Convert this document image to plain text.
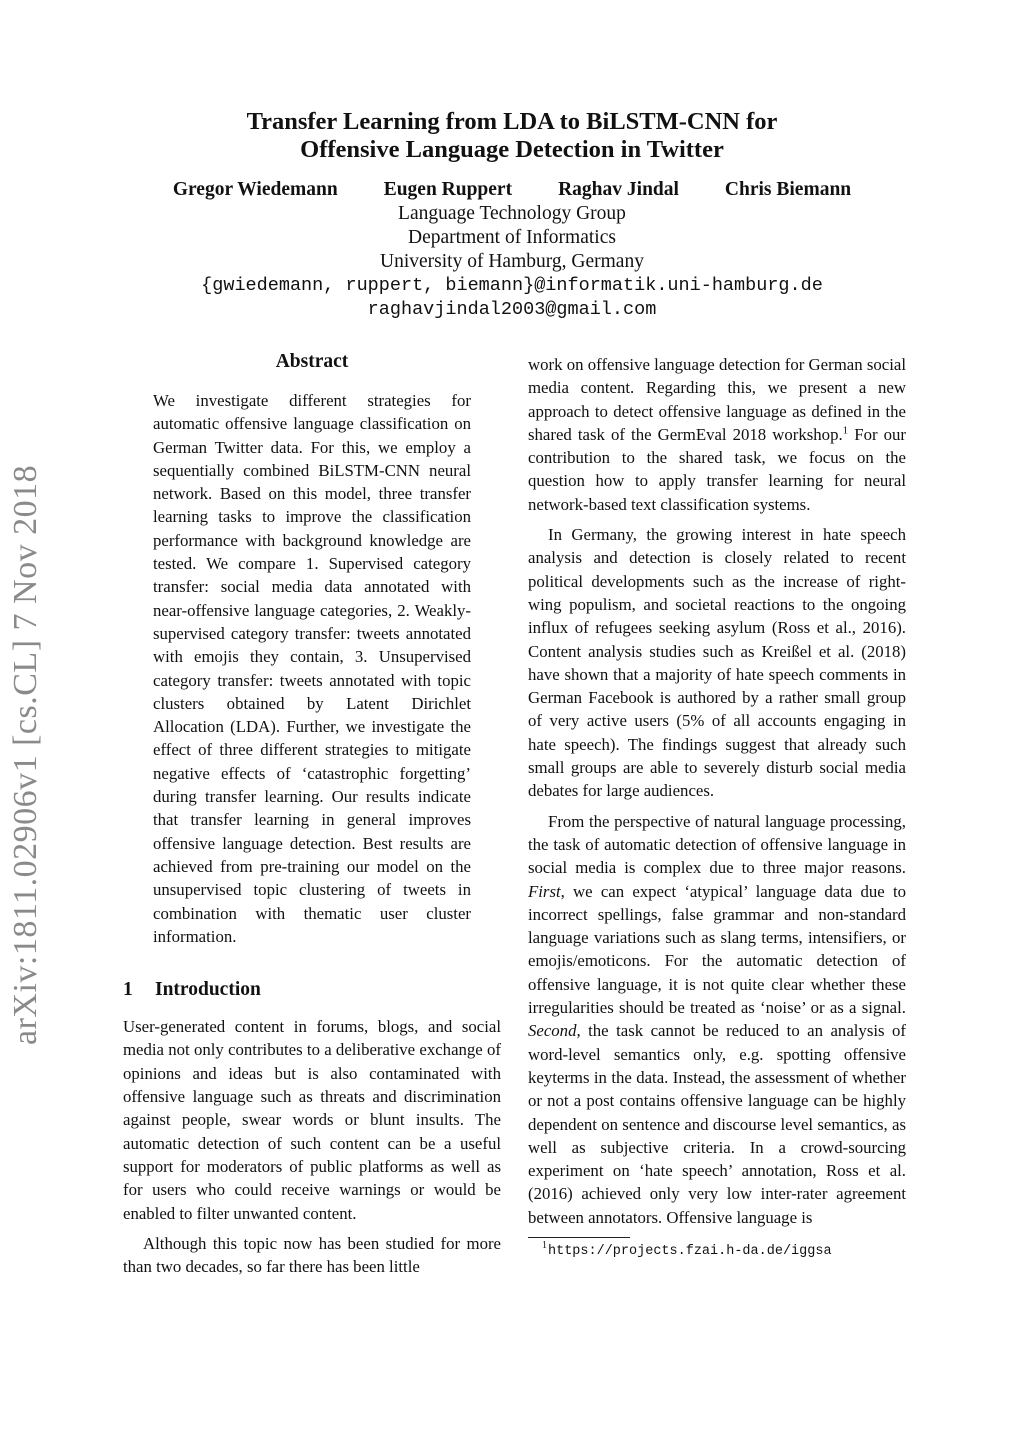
arXiv:1811.02906v1 [cs.CL] 7 Nov 2018
Transfer Learning from LDA to BiLSTM-CNN for
Offensive Language Detection in Twitter
Gregor Wiedemann Eugen Ruppert Raghav Jindal Chris Biemann
Language Technology Group
Department of Informatics
University of Hamburg, Germany
{gwiedemann, ruppert, biemann}@informatik.uni-hamburg.de
raghavjindal2003@gmail.com
Abstract
We investigate different strategies for automatic offensive language classification on German Twitter data. For this, we employ a sequentially combined BiLSTM-CNN neural network. Based on this model, three transfer learning tasks to improve the classification performance with background knowledge are tested. We compare 1. Supervised category transfer: social media data annotated with near-offensive language categories, 2. Weakly-supervised category transfer: tweets annotated with emojis they contain, 3. Unsupervised category transfer: tweets annotated with topic clusters obtained by Latent Dirichlet Allocation (LDA). Further, we investigate the effect of three different strategies to mitigate negative effects of ‘catastrophic forgetting’ during transfer learning. Our results indicate that transfer learning in general improves offensive language detection. Best results are achieved from pre-training our model on the unsupervised topic clustering of tweets in combination with thematic user cluster information.
1 Introduction

User-generated content in forums, blogs, and social media not only contributes to a deliberative exchange of opinions and ideas but is also contaminated with offensive language such as threats and discrimination against people, swear words or blunt insults. The automatic detection of such content can be a useful support for moderators of public platforms as well as for users who could receive warnings or would be enabled to filter unwanted content.

Although this topic now has been studied for more than two decades, so far there has been little

work on offensive language detection for German social media content. Regarding this, we present a new approach to detect offensive language as defined in the shared task of the GermEval 2018 workshop.$^1$ For our contribution to the shared task, we focus on the question how to apply transfer learning for neural network-based text classification systems.

In Germany, the growing interest in hate speech analysis and detection is closely related to recent political developments such as the increase of right-wing populism, and societal reactions to the ongoing influx of refugees seeking asylum (Ross et al., 2016). Content analysis studies such as Kreißel et al. (2018) have shown that a majority of hate speech comments in German Facebook is authored by a rather small group of very active users (5% of all accounts engaging in hate speech). The findings suggest that already such small groups are able to severely disturb social media debates for large audiences.

From the perspective of natural language processing, the task of automatic detection of offensive language in social media is complex due to three major reasons. First, we can expect ‘atypical’ language data due to incorrect spellings, false grammar and non-standard language variations such as slang terms, intensifiers, or emojis/emoticons. For the automatic detection of offensive language, it is not quite clear whether these irregularities should be treated as ‘noise’ or as a signal. Second, the task cannot be reduced to an analysis of word-level semantics only, e.g. spotting offensive keyterms in the data. Instead, the assessment of whether or not a post contains offensive language can be highly dependent on sentence and discourse level semantics, as well as subjective criteria. In a crowd-sourcing experiment on ‘hate speech’ annotation, Ross et al. (2016) achieved only very low inter-rater agreement between annotators. Offensive language is

$^1$https://projects.fzai.h-da.de/iggsa
